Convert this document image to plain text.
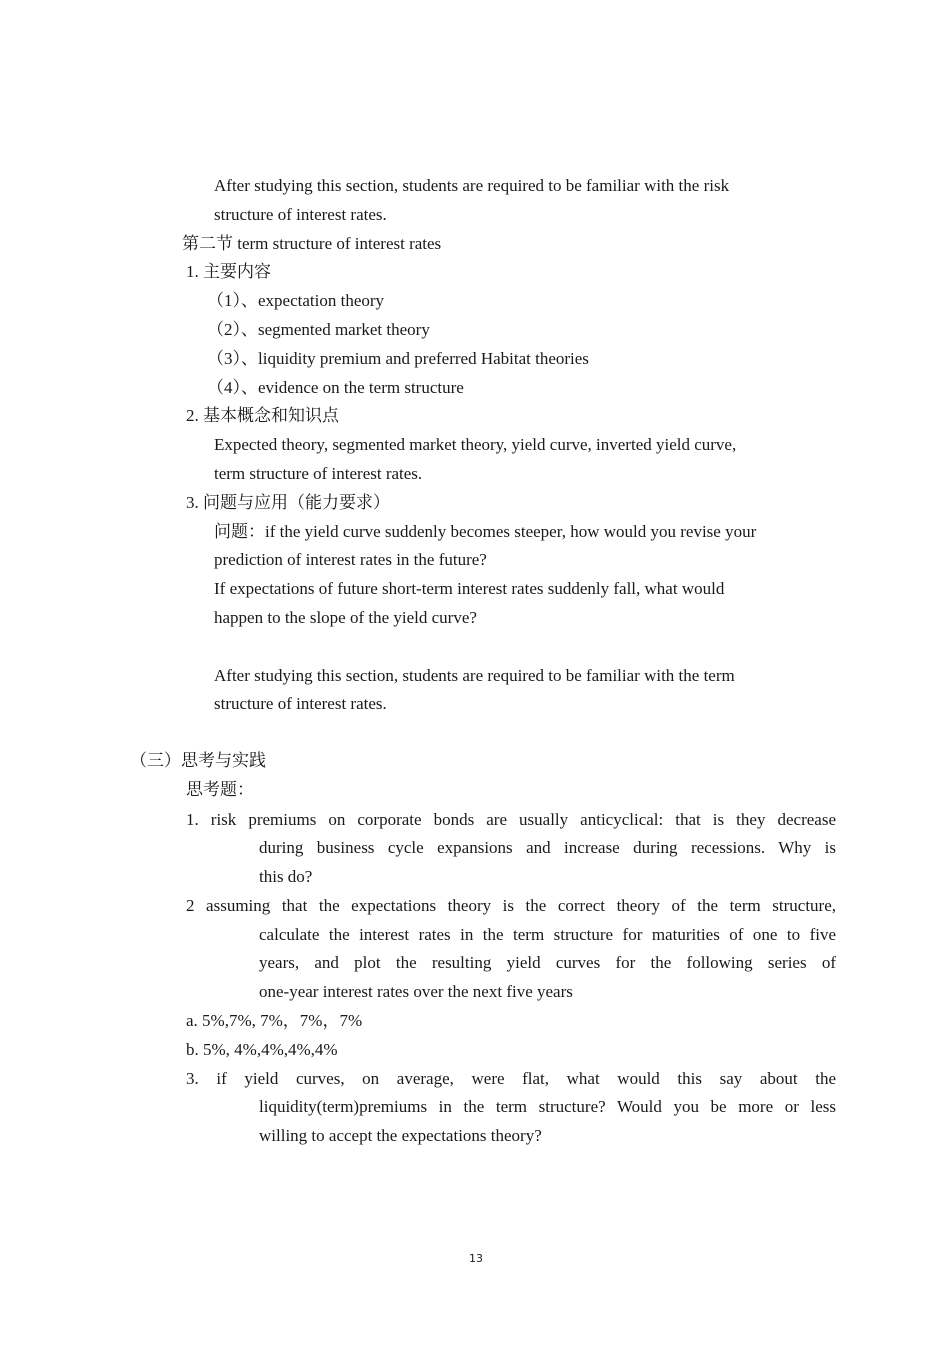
After studying this section, students are required to be familiar with the risk
structure of interest rates.
第二节 term structure of interest rates
1. 主要内容
（1）、expectation theory
（2）、segmented market theory
（3）、liquidity premium and preferred Habitat theories
（4）、evidence on the term structure
2. 基本概念和知识点
Expected theory, segmented market theory, yield curve, inverted yield curve,
term structure of interest rates.
3. 问题与应用（能力要求）
问题：if the yield curve suddenly becomes steeper, how would you revise your
prediction of interest rates in the future?
If expectations of future short-term interest rates suddenly fall, what would
happen to the slope of the yield curve?
After studying this section, students are required to be familiar with the term
structure of interest rates.
（三）思考与实践
思考题：
1. risk premiums on corporate bonds are usually anticyclical: that is they decrease
during business cycle expansions and increase during recessions. Why is
this do?
2 assuming that the expectations theory is the correct theory of the term structure,
calculate the interest rates in the term structure for maturities of one to five
years, and plot the resulting yield curves for the following series of
one-year interest rates over the next five years
a. 5%,7%, 7%，7%，7%
b. 5%, 4%,4%,4%,4%
3. if yield curves, on average, were flat, what would this say about the
liquidity(term)premiums in the term structure? Would you be more or less
willing to accept the expectations theory?
13
